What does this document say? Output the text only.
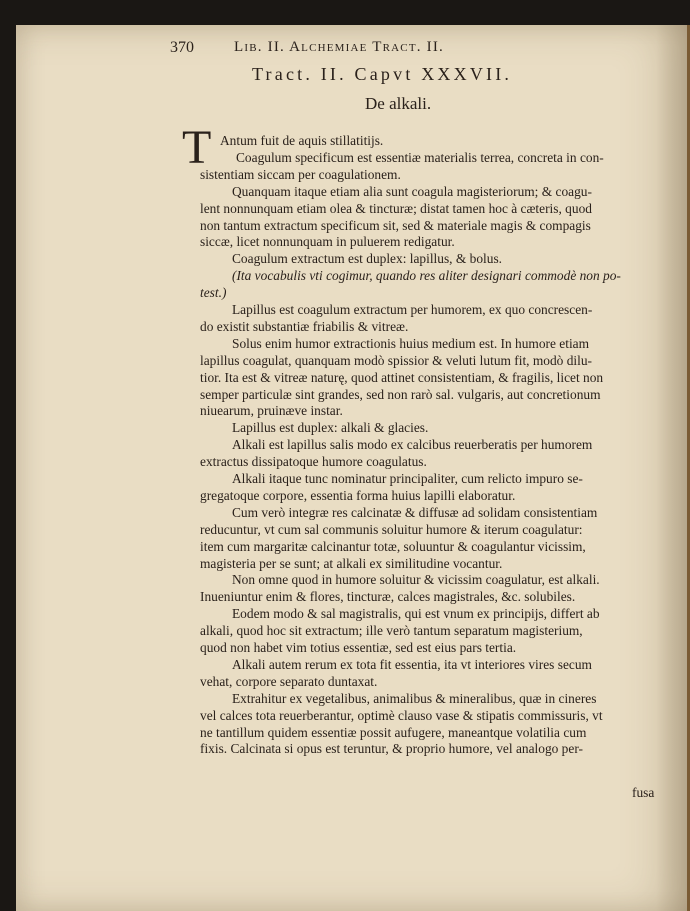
370	Lib. II. Alchemiae Tract. II.
Tract. II. Capvt XXXVII.
De alkali.
T Antum fuit de aquis stillatitijs.
Coagulum specificum est essentiæ materialis terrea, concreta in con-
sistentiam siccam per coagulationem.
Quanquam itaque etiam alia sunt coagula magisteriorum; & coagu-
lent nonnunquam etiam olea & tincturæ; distat tamen hoc à cæteris, quod
non tantum extractum specificum sit, sed & materiale magis & compagis
siccæ, licet nonnunquam in puluerem redigatur.
Coagulum extractum est duplex: lapillus, & bolus.
(Ita vocabulis vti cogimur, quando res aliter designari commodè non po-
test.)
Lapillus est coagulum extractum per humorem, ex quo concrescen-
do existit substantiæ friabilis & vitreæ.
Solus enim humor extractionis huius medium est. In humore etiam
lapillus coagulat, quanquam modò spissior & veluti lutum fit, modò dilu-
tior. Ita est & vitreæ naturę, quod attinet consistentiam, & fragilis, licet non
semper particulæ sint grandes, sed non rarò sal. vulgaris, aut concretionum
niuearum, pruinæve instar.
Lapillus est duplex: alkali & glacies.
Alkali est lapillus salis modo ex calcibus reuerberatis per humorem
extractus dissipatoque humore coagulatus.
Alkali itaque tunc nominatur principaliter, cum relicto impuro se-
gregatoque corpore, essentia forma huius lapilli elaboratur.
Cum verò integræ res calcinatæ & diffusæ ad solidam consistentiam
reducuntur, vt cum sal communis soluitur humore & iterum coagulatur:
item cum margaritæ calcinantur totæ, soluuntur & coagulantur vicissim,
magisteria per se sunt; at alkali ex similitudine vocantur.
Non omne quod in humore soluitur & vicissim coagulatur, est alkali.
Inueniuntur enim & flores, tincturæ, calces magistrales, &c. solubiles.
Eodem modo & sal magistralis, qui est vnum ex principijs, differt ab
alkali, quod hoc sit extractum; ille verò tantum separatum magisterium,
quod non habet vim totius essentiæ, sed est eius pars tertia.
Alkali autem rerum ex tota fit essentia, ita vt interiores vires secum
vehat, corpore separato duntaxat.
Extrahitur ex vegetalibus, animalibus & mineralibus, quæ in cineres
vel calces tota reuerberantur, optimè clauso vase & stipatis commissuris, vt
ne tantillum quidem essentiæ possit aufugere, maneantque volatilia cum
fixis. Calcinata si opus est teruntur, & proprio humore, vel analogo per-
fusa
